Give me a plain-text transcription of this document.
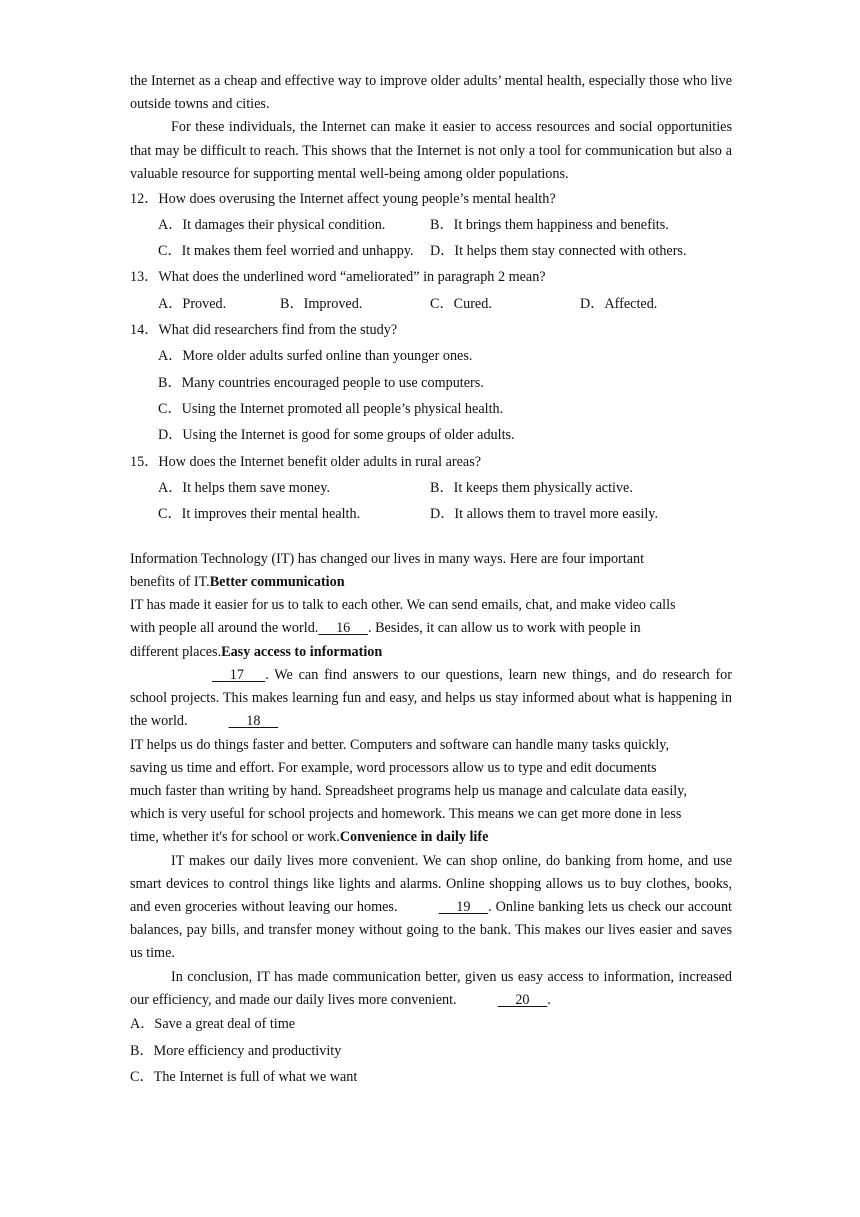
the Internet as a cheap and effective way to improve older adults’ mental health, especially those who live outside towns and cities.

For these individuals, the Internet can make it easier to access resources and social opportunities that may be difficult to reach. This shows that the Internet is not only a tool for communication but also a valuable resource for supporting mental well-being among older populations.

12．How does overusing the Internet affect young people’s mental health?

A．It damages their physical condition.	B．It brings them happiness and benefits.
C．It makes them feel worried and unhappy.	D．It helps them stay connected with others.

13．What does the underlined word “ameliorated” in paragraph 2 mean?

A．Proved.	B．Improved.	C．Cured.	D．Affected.

14．What did researchers find from the study?

A．More older adults surfed online than younger ones.
B．Many countries encouraged people to use computers.
C．Using the Internet promoted all people’s physical health.
D．Using the Internet is good for some groups of older adults.

15．How does the Internet benefit older adults in rural areas?

A．It helps them save money.	B．It keeps them physically active.
C．It improves their mental health.	D．It allows them to travel more easily.
Information Technology (IT) has changed our lives in many ways. Here are four important
benefits of IT.Better communication
IT has made it easier for us to talk to each other. We can send emails, chat, and make video calls
with people all around the world. 16 . Besides, it can allow us to work with people in
different places.Easy access to information

17 . We can find answers to our questions, learn new things, and do research for school projects. This makes learning fun and easy, and helps us stay informed about what is happening in the world.	18

IT helps us do things faster and better. Computers and software can handle many tasks quickly,
saving us time and effort. For example, word processors allow us to type and edit documents
much faster than writing by hand. Spreadsheet programs help us manage and calculate data easily,
which is very useful for school projects and homework. This means we can get more done in less
time, whether it's for school or work.Convenience in daily life

IT makes our daily lives more convenient. We can shop online, do banking from home, and use smart devices to control things like lights and alarms. Online shopping allows us to buy clothes, books, and even groceries without leaving our homes.	19 . Online banking lets us check our account balances, pay bills, and transfer money without going to the bank. This makes our lives easier and saves us time.

In conclusion, IT has made communication better, given us easy access to information, increased our efficiency, and made our daily lives more convenient.	20 .

A．Save a great deal of time

B．More efficiency and productivity

C．The Internet is full of what we want
